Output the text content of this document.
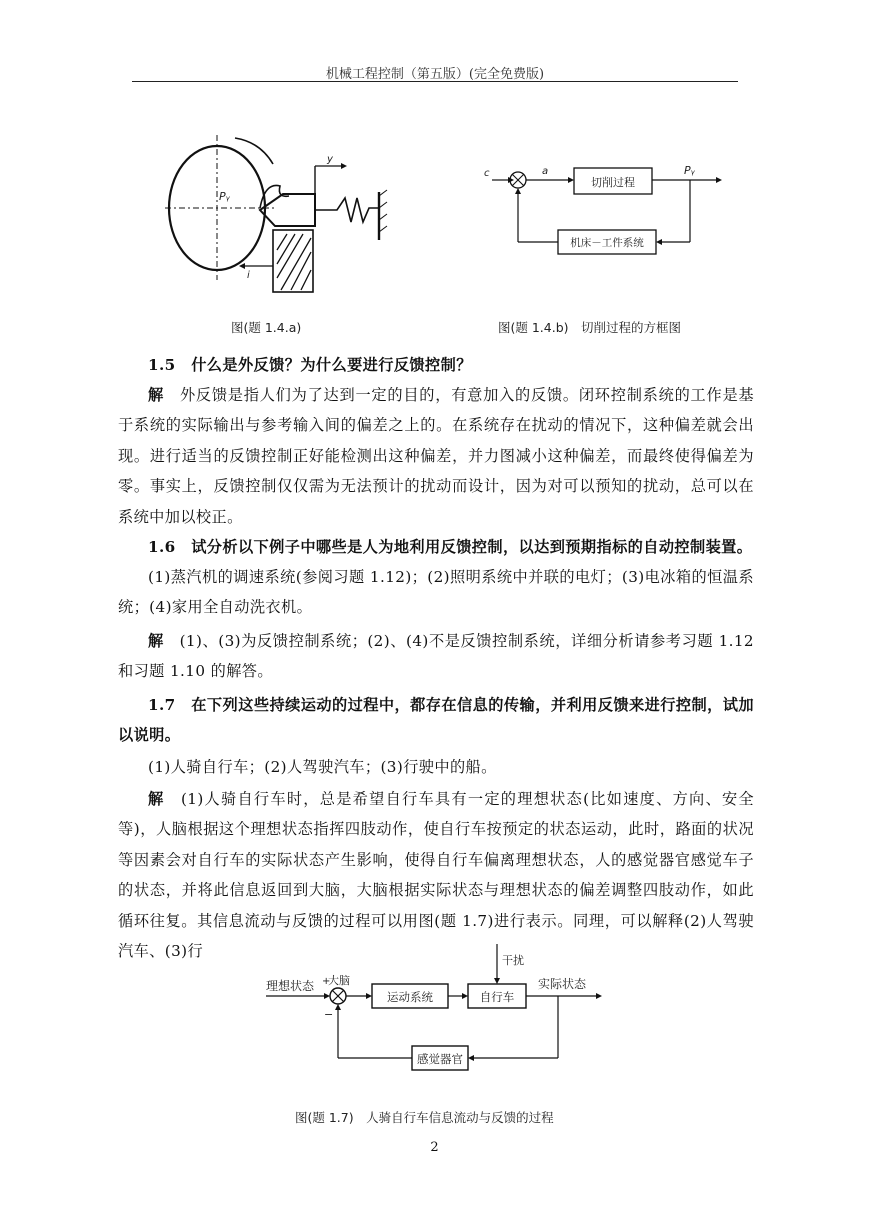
机械工程控制（第五版）(完全免费版)
Pᵧ
y
i
图(题 1.4.a)
c	a
切削过程
Pᵧ
机床－工件系统
图(题 1.4.b)　切削过程的方框图

1.5　什么是外反馈？为什么要进行反馈控制？

解　 外反馈是指人们为了达到一定的目的，有意加入的反馈。闭环控制系统的工作是基于系统的实际输出与参考输入间的偏差之上的。在系统存在扰动的情况下，这种偏差就会出现。进行适当的反馈控制正好能检测出这种偏差，并力图减小这种偏差，而最终使得偏差为零。事实上，反馈控制仅仅需为无法预计的扰动而设计，因为对可以预知的扰动，总可以在系统中加以校正。

1.6　试分析以下例子中哪些是人为地利用反馈控制，以达到预期指标的自动控制装置。

(1)蒸汽机的调速系统(参阅习题 1.12)；(2)照明系统中并联的电灯；(3)电冰箱的恒温系统；(4)家用全自动洗衣机。

解　 (1)、(3)为反馈控制系统；(2)、(4)不是反馈控制系统，详细分析请参考习题 1.12 和习题 1.10 的解答。

1.7　在下列这些持续运动的过程中，都存在信息的传输，并利用反馈来进行控制，试加以说明。

(1)人骑自行车；(2)人驾驶汽车；(3)行驶中的船。

解　 (1)人骑自行车时，总是希望自行车具有一定的理想状态(比如速度、方向、安全等)，人脑根据这个理想状态指挥四肢动作，使自行车按预定的状态运动，此时，路面的状况等因素会对自行车的实际状态产生影响，使得自行车偏离理想状态，人的感觉器官感觉车子的状态，并将此信息返回到大脑，大脑根据实际状态与理想状态的偏差调整四肢动作，如此循环往复。其信息流动与反馈的过程可以用图(题 1.7)进行表示。同理，可以解释(2)人驾驶汽车、(3)行

理想状态 +
大脑
运动系统	自行车
干扰
实际状态
感觉器官
−
图(题 1.7)　人骑自行车信息流动与反馈的过程
2
